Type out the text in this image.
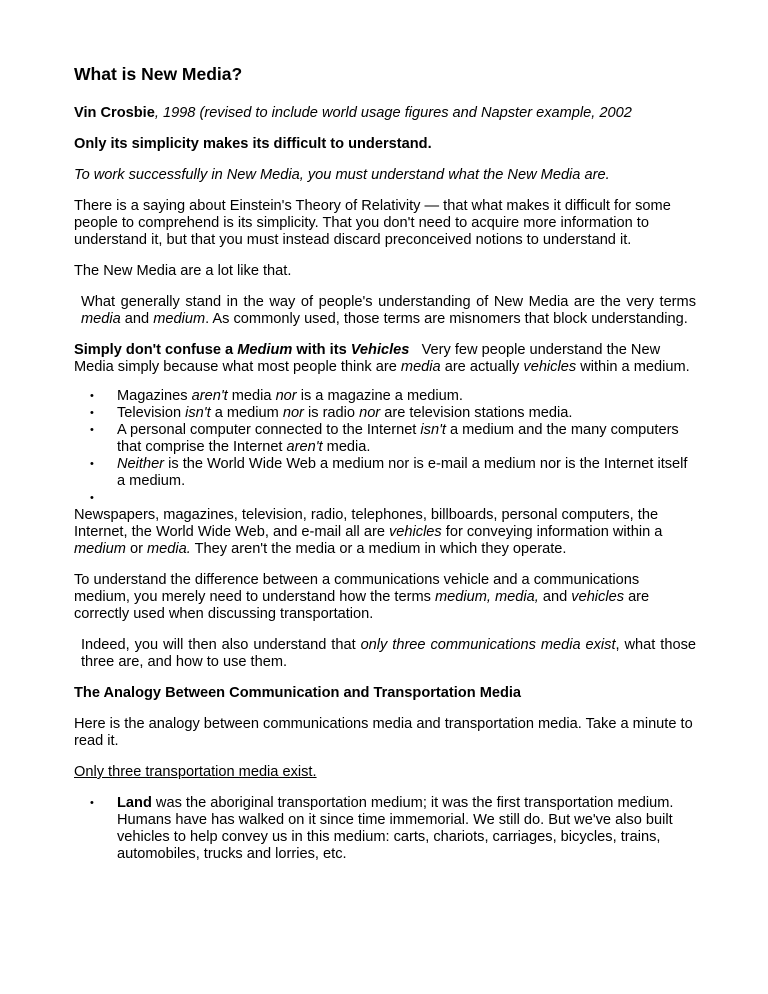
What is New Media?

Vin Crosbie, 1998 (revised to include world usage figures and Napster example, 2002

Only its simplicity makes its difficult to understand.

To work successfully in New Media, you must understand what the New Media are.

There is a saying about Einstein's Theory of Relativity — that what makes it difficult for some people to comprehend is its simplicity. That you don't need to acquire more information to understand it, but that you must instead discard preconceived notions to understand it.

The New Media are a lot like that.

What generally stand in the way of people's understanding of New Media are the very terms media and medium. As commonly used, those terms are misnomers that block understanding.

Simply don't confuse a Medium with its Vehicles   Very few people understand the New Media simply because what most people think are media are actually vehicles within a medium.

• Magazines aren't media nor is a magazine a medium.
• Television isn't a medium nor is radio nor are television stations media.
• A personal computer connected to the Internet isn't a medium and the many computers that comprise the Internet aren't media.
• Neither is the World Wide Web a medium nor is e-mail a medium nor is the Internet itself a medium.
•

Newspapers, magazines, television, radio, telephones, billboards, personal computers, the Internet, the World Wide Web, and e-mail all are vehicles for conveying information within a medium or media. They aren't the media or a medium in which they operate.

To understand the difference between a communications vehicle and a communications medium, you merely need to understand how the terms medium, media, and vehicles are correctly used when discussing transportation.

Indeed, you will then also understand that only three communications media exist, what those three are, and how to use them.

The Analogy Between Communication and Transportation Media

Here is the analogy between communications media and transportation media. Take a minute to read it.

Only three transportation media exist.

• Land was the aboriginal transportation medium; it was the first transportation medium. Humans have has walked on it since time immemorial. We still do. But we've also built vehicles to help convey us in this medium: carts, chariots, carriages, bicycles, trains, automobiles, trucks and lorries, etc.
